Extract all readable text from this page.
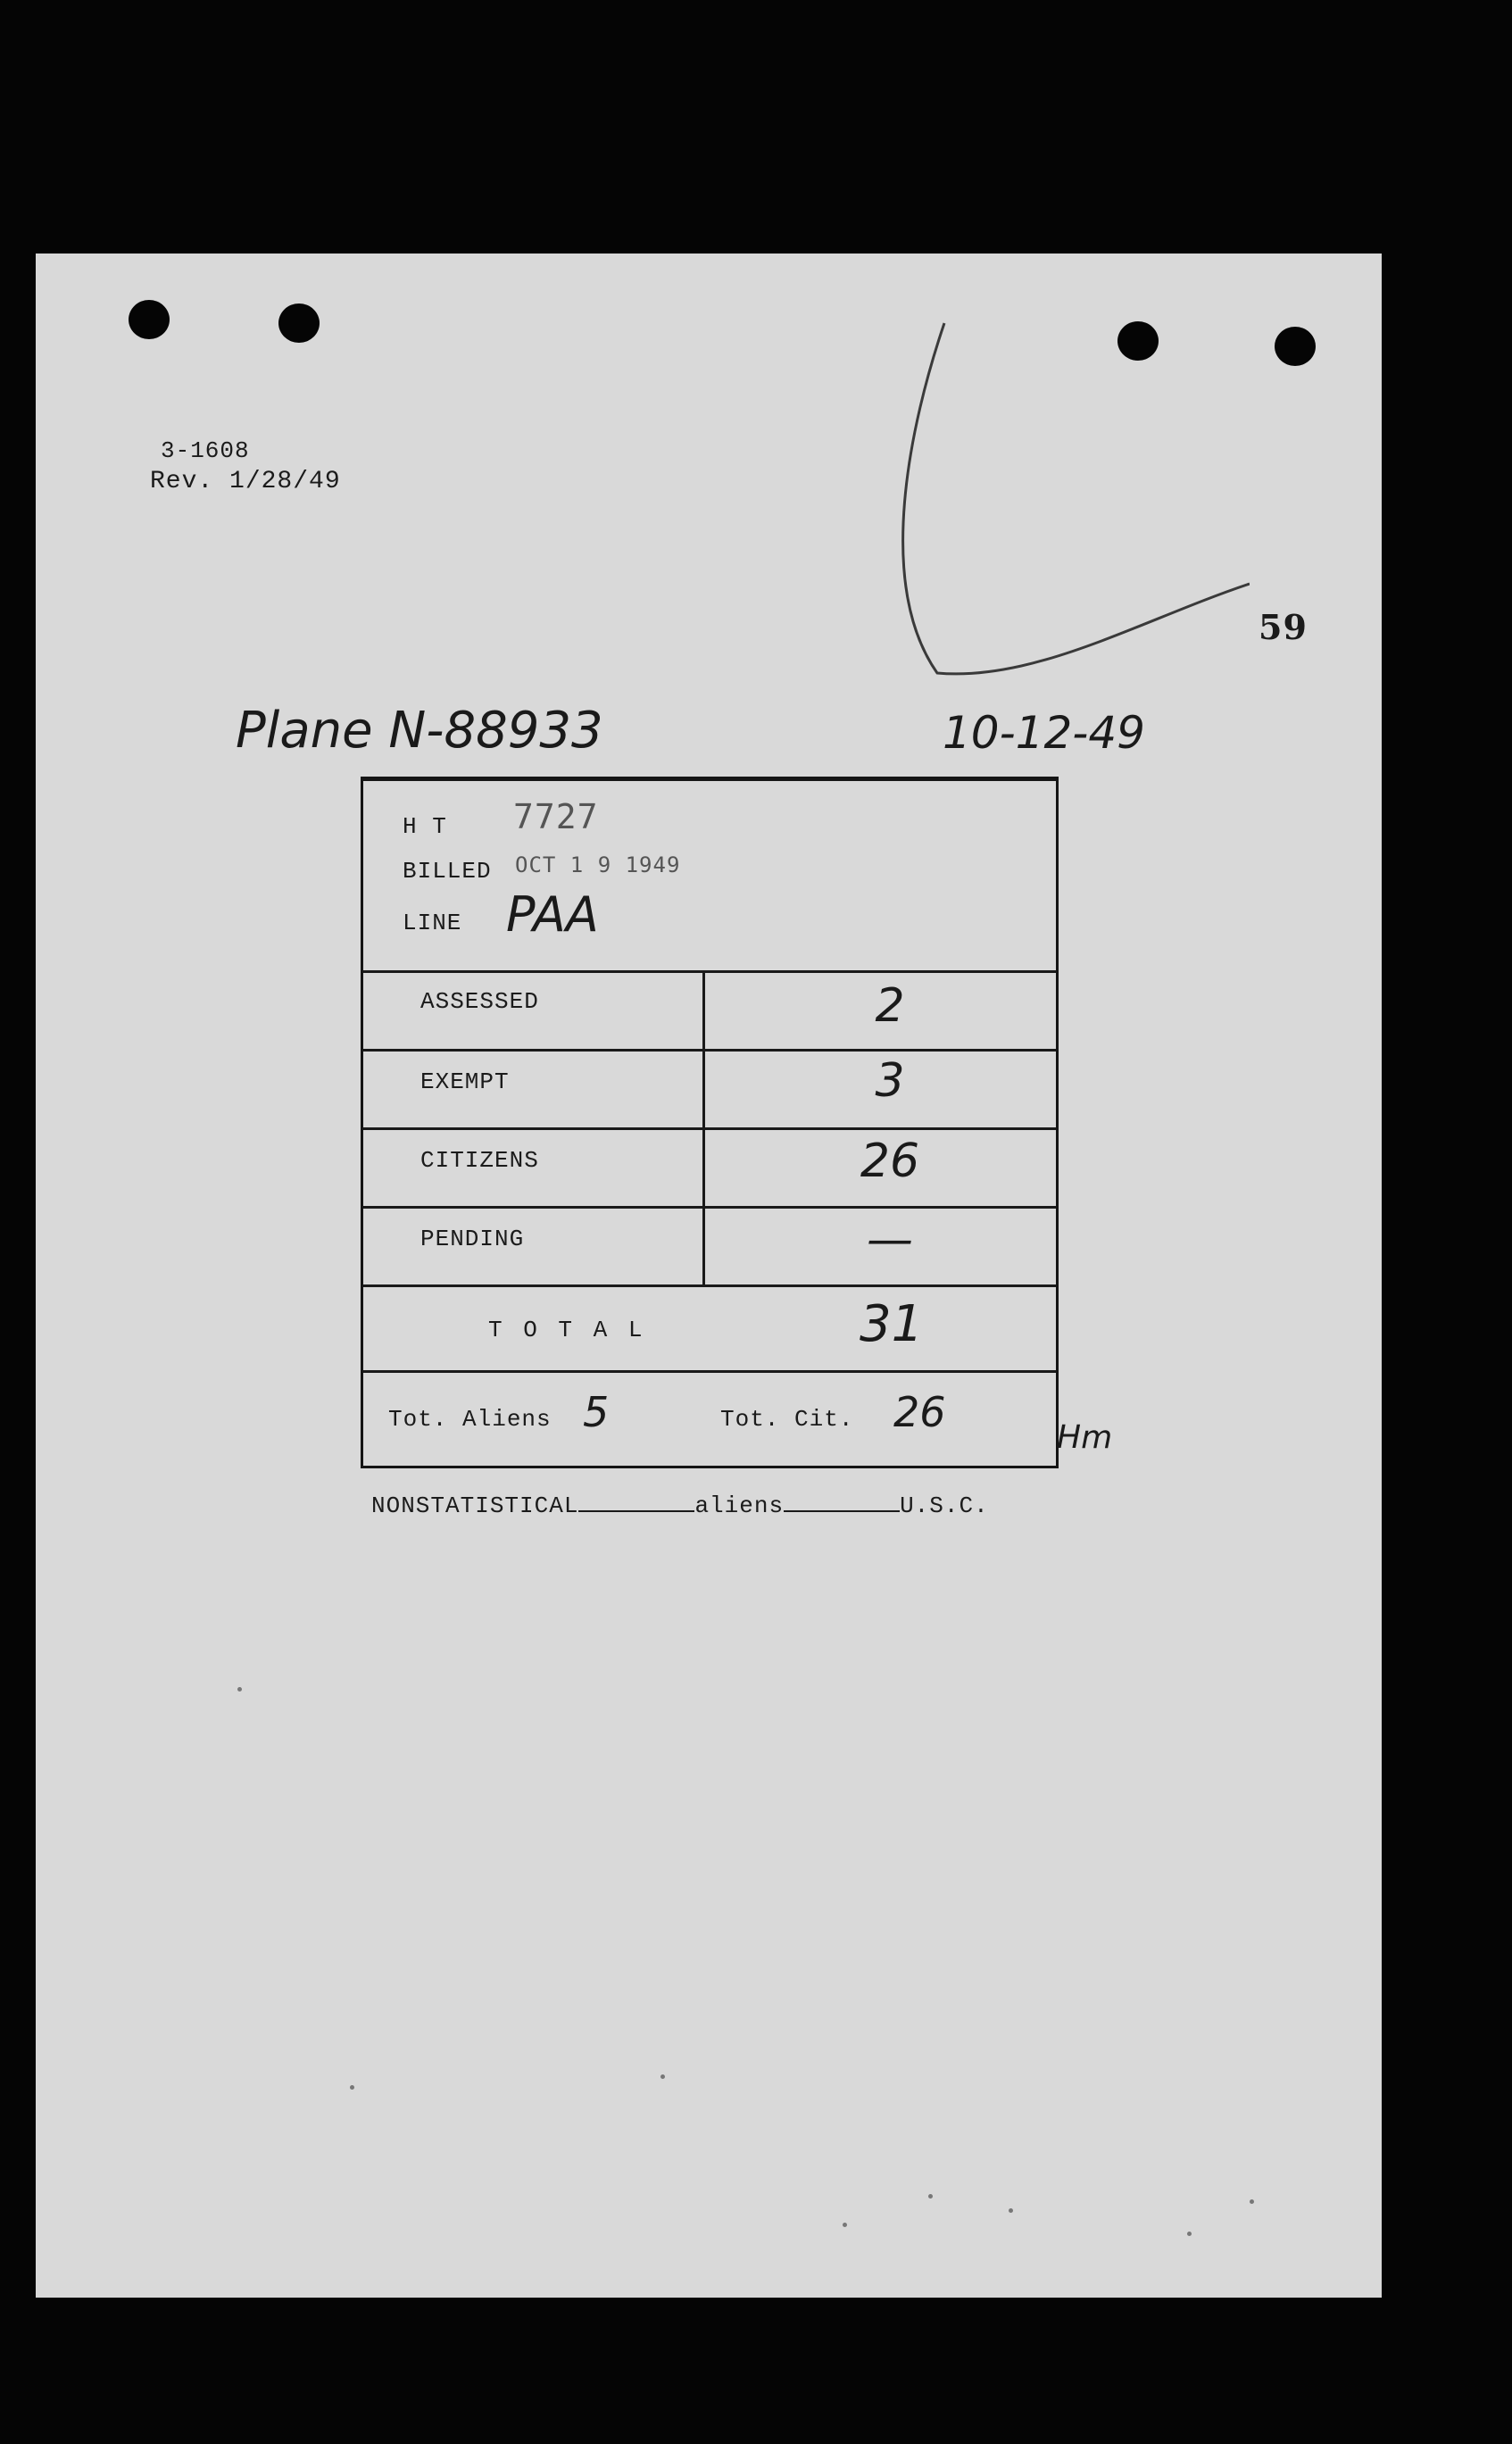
3-1608
Rev. 1/28/49
59
Plane N-88933	10-12-49
H T 7727
BILLED OCT 1 9 1949
LINE PAA
ASSESSED	2
EXEMPT	3
CITIZENS	26
PENDING	—
T O T A L	31
Tot. Aliens 5	Tot. Cit. 26
Hm
NONSTATISTICAL	aliens	U.S.C.
